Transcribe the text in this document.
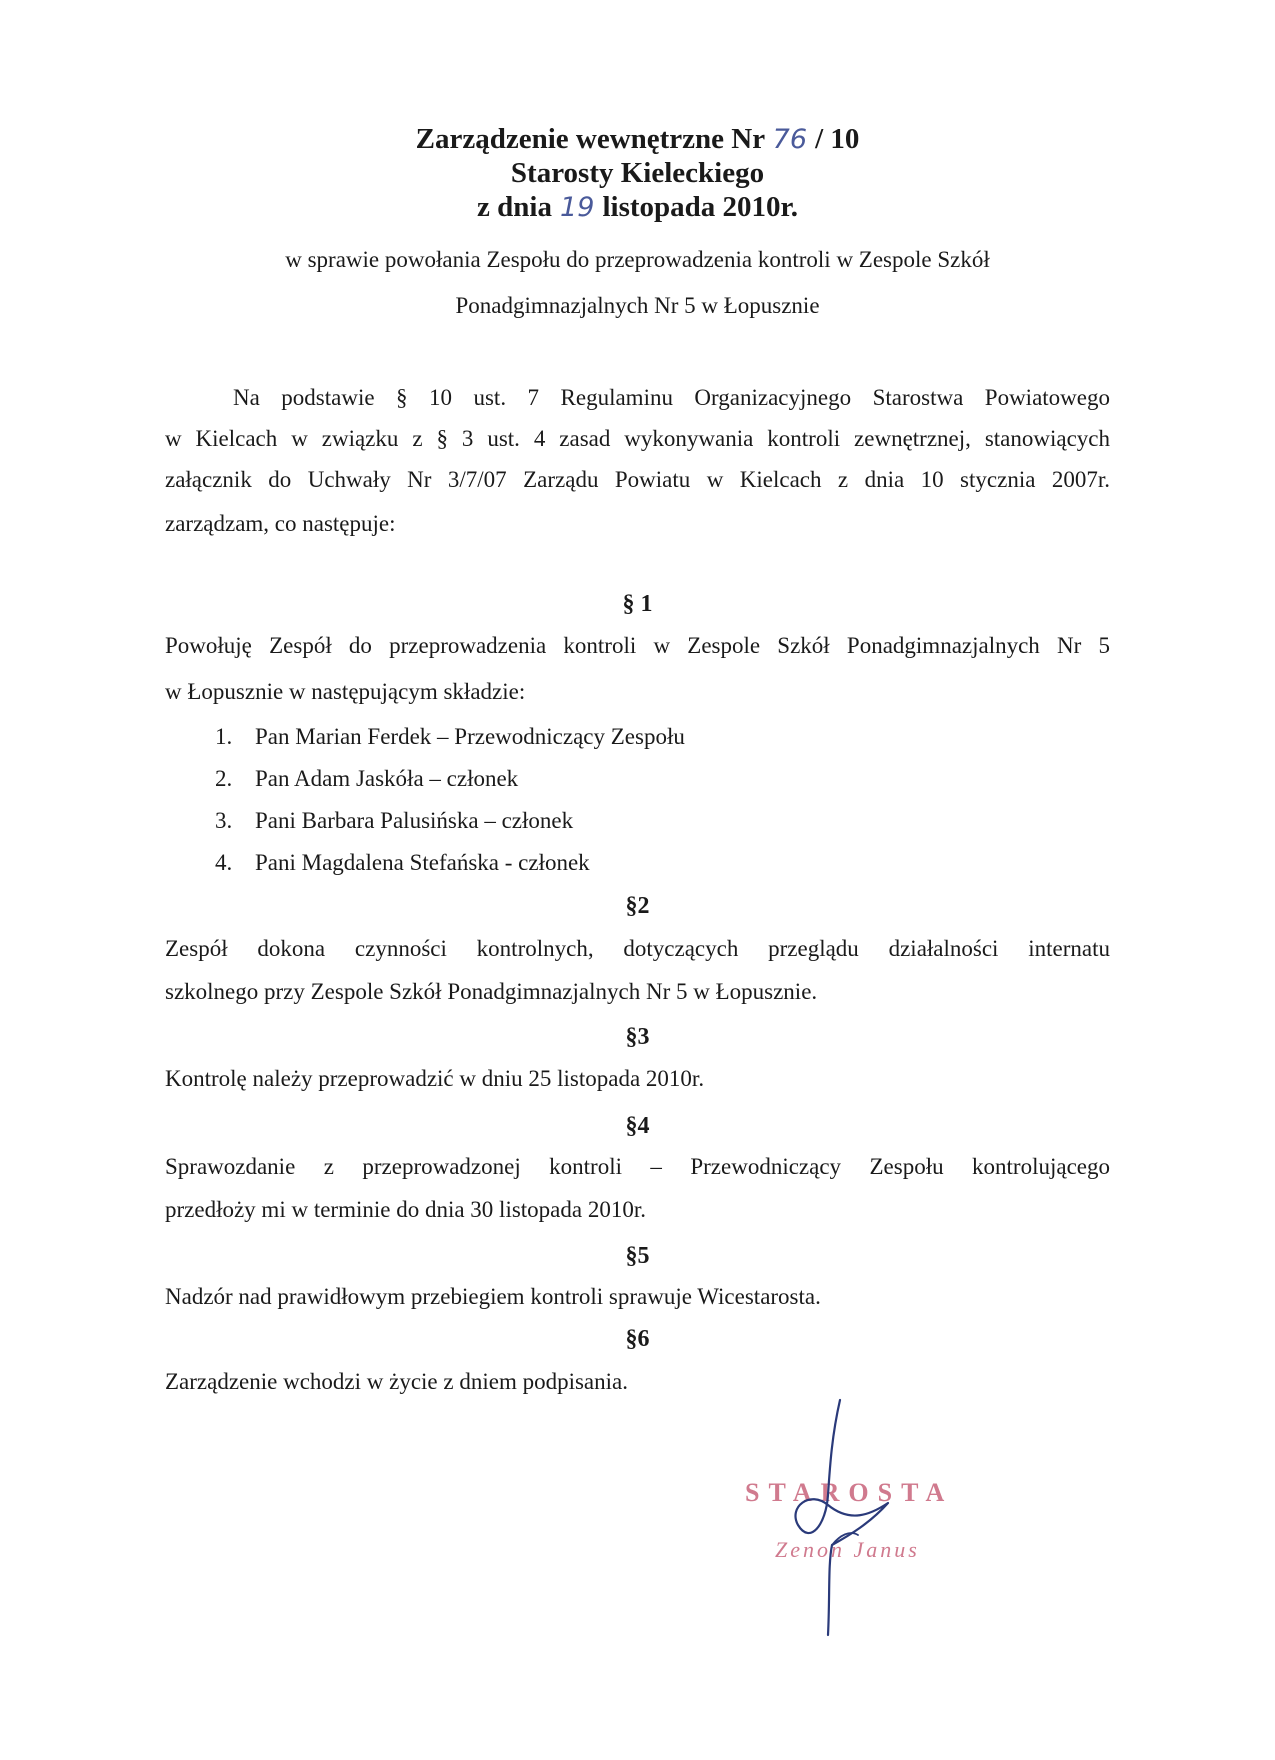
Zarządzenie wewnętrzne Nr 76 / 10
Starosty Kieleckiego
z dnia 19 listopada 2010r.
w sprawie powołania Zespołu do przeprowadzenia kontroli w Zespole Szkół
Ponadgimnazjalnych Nr 5 w Łopusznie

Na podstawie § 10 ust. 7 Regulaminu Organizacyjnego Starostwa Powiatowego

w Kielcach w związku z § 3 ust. 4 zasad wykonywania kontroli zewnętrznej, stanowiących

załącznik do Uchwały Nr 3/7/07 Zarządu Powiatu w Kielcach z dnia 10 stycznia 2007r.

zarządzam, co następuje:

§ 1

Powołuję Zespół do przeprowadzenia kontroli w Zespole Szkół Ponadgimnazjalnych Nr 5

w Łopusznie w następującym składzie:

1. Pan Marian Ferdek – Przewodniczący Zespołu
2. Pan Adam Jaskóła – członek
3. Pani Barbara Palusińska – członek
4. Pani Magdalena Stefańska - członek
§2

Zespół dokona czynności kontrolnych, dotyczących przeglądu działalności internatu

szkolnego przy Zespole Szkół Ponadgimnazjalnych Nr 5 w Łopusznie.

§3

Kontrolę należy przeprowadzić w dniu 25 listopada 2010r.

§4

Sprawozdanie z przeprowadzonej kontroli – Przewodniczący Zespołu kontrolującego

przedłoży mi w terminie do dnia 30 listopada 2010r.

§5

Nadzór nad prawidłowym przebiegiem kontroli sprawuje Wicestarosta.

§6

Zarządzenie wchodzi w życie z dniem podpisania.

STAROSTA
Zenon Janus
